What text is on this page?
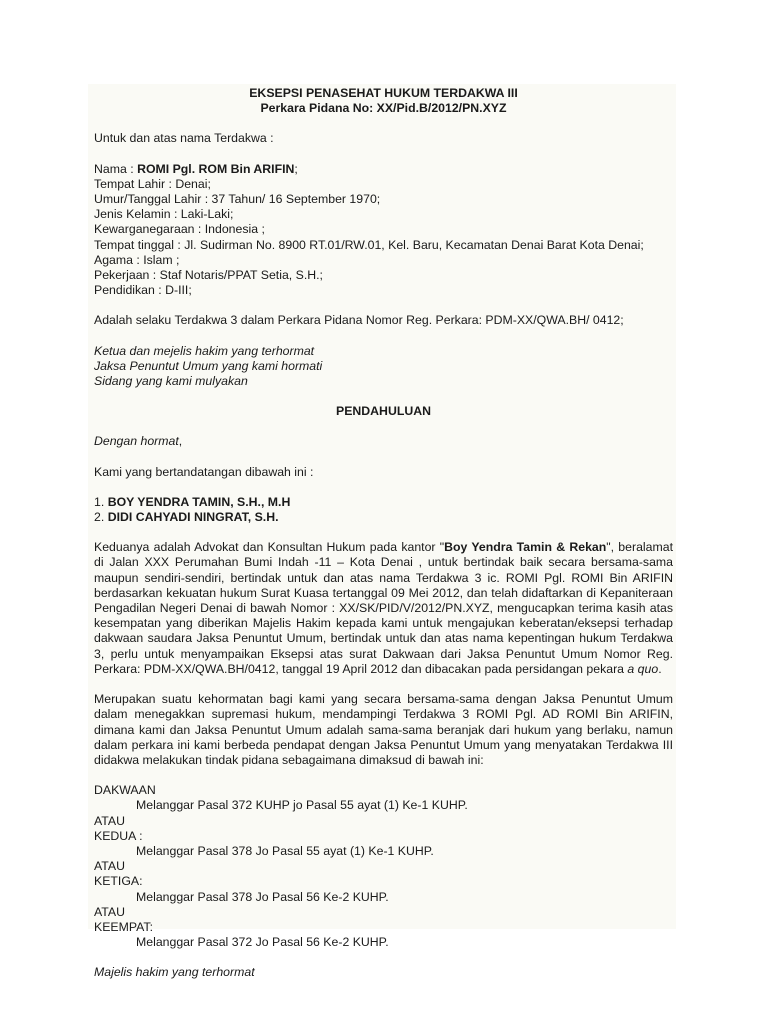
EKSEPSI PENASEHAT HUKUM TERDAKWA III

Perkara Pidana No: XX/Pid.B/2012/PN.XYZ

Untuk dan atas nama Terdakwa :

Nama : ROMI Pgl. ROM Bin ARIFIN;

Tempat Lahir : Denai;

Umur/Tanggal Lahir : 37 Tahun/ 16 September 1970;

Jenis Kelamin : Laki-Laki;

Kewarganegaraan : Indonesia ;

Tempat tinggal : Jl. Sudirman No. 8900 RT.01/RW.01, Kel. Baru, Kecamatan Denai Barat Kota Denai;

Agama : Islam ;

Pekerjaan : Staf Notaris/PPAT Setia, S.H.;

Pendidikan : D-III;

Adalah selaku Terdakwa 3 dalam Perkara Pidana Nomor Reg. Perkara: PDM-XX/QWA.BH/ 0412;

Ketua dan mejelis hakim yang terhormat

Jaksa Penuntut Umum yang kami hormati

Sidang yang kami mulyakan

PENDAHULUAN

Dengan hormat,

Kami yang bertandatangan dibawah ini :

1. BOY YENDRA TAMIN, S.H., M.H

2. DIDI CAHYADI NINGRAT, S.H.

Keduanya adalah Advokat dan Konsultan Hukum pada kantor "Boy Yendra Tamin & Rekan", beralamat di Jalan XXX Perumahan Bumi Indah -11 – Kota Denai , untuk bertindak baik secara bersama-sama maupun sendiri-sendiri, bertindak untuk dan atas nama Terdakwa 3 ic. ROMI Pgl. ROMI Bin ARIFIN berdasarkan kekuatan hukum Surat Kuasa tertanggal 09 Mei 2012, dan telah didaftarkan di Kepaniteraan Pengadilan Negeri Denai di bawah Nomor : XX/SK/PID/V/2012/PN.XYZ, mengucapkan terima kasih atas kesempatan yang diberikan Majelis Hakim kepada kami untuk mengajukan keberatan/eksepsi terhadap dakwaan saudara Jaksa Penuntut Umum, bertindak untuk dan atas nama kepentingan hukum Terdakwa 3, perlu untuk menyampaikan Eksepsi atas surat Dakwaan dari Jaksa Penuntut Umum Nomor Reg. Perkara: PDM-XX/QWA.BH/0412, tanggal 19 April 2012 dan dibacakan pada persidangan pekara a quo.

Merupakan suatu kehormatan bagi kami yang secara bersama-sama dengan Jaksa Penuntut Umum dalam menegakkan supremasi hukum, mendampingi Terdakwa 3 ROMI Pgl. AD ROMI Bin ARIFIN, dimana kami dan Jaksa Penuntut Umum adalah sama-sama beranjak dari hukum yang berlaku, namun dalam perkara ini kami berbeda pendapat dengan Jaksa Penuntut Umum yang menyatakan Terdakwa III didakwa melakukan tindak pidana sebagaimana dimaksud di bawah ini:

DAKWAAN

Melanggar Pasal 372 KUHP jo Pasal 55 ayat (1) Ke-1 KUHP.

ATAU

KEDUA :

Melanggar Pasal 378 Jo Pasal 55 ayat (1) Ke-1 KUHP.

ATAU

KETIGA:

Melanggar Pasal 378 Jo Pasal 56 Ke-2 KUHP.

ATAU

KEEMPAT:

Melanggar Pasal 372 Jo Pasal 56 Ke-2 KUHP.

Majelis hakim yang terhormat
